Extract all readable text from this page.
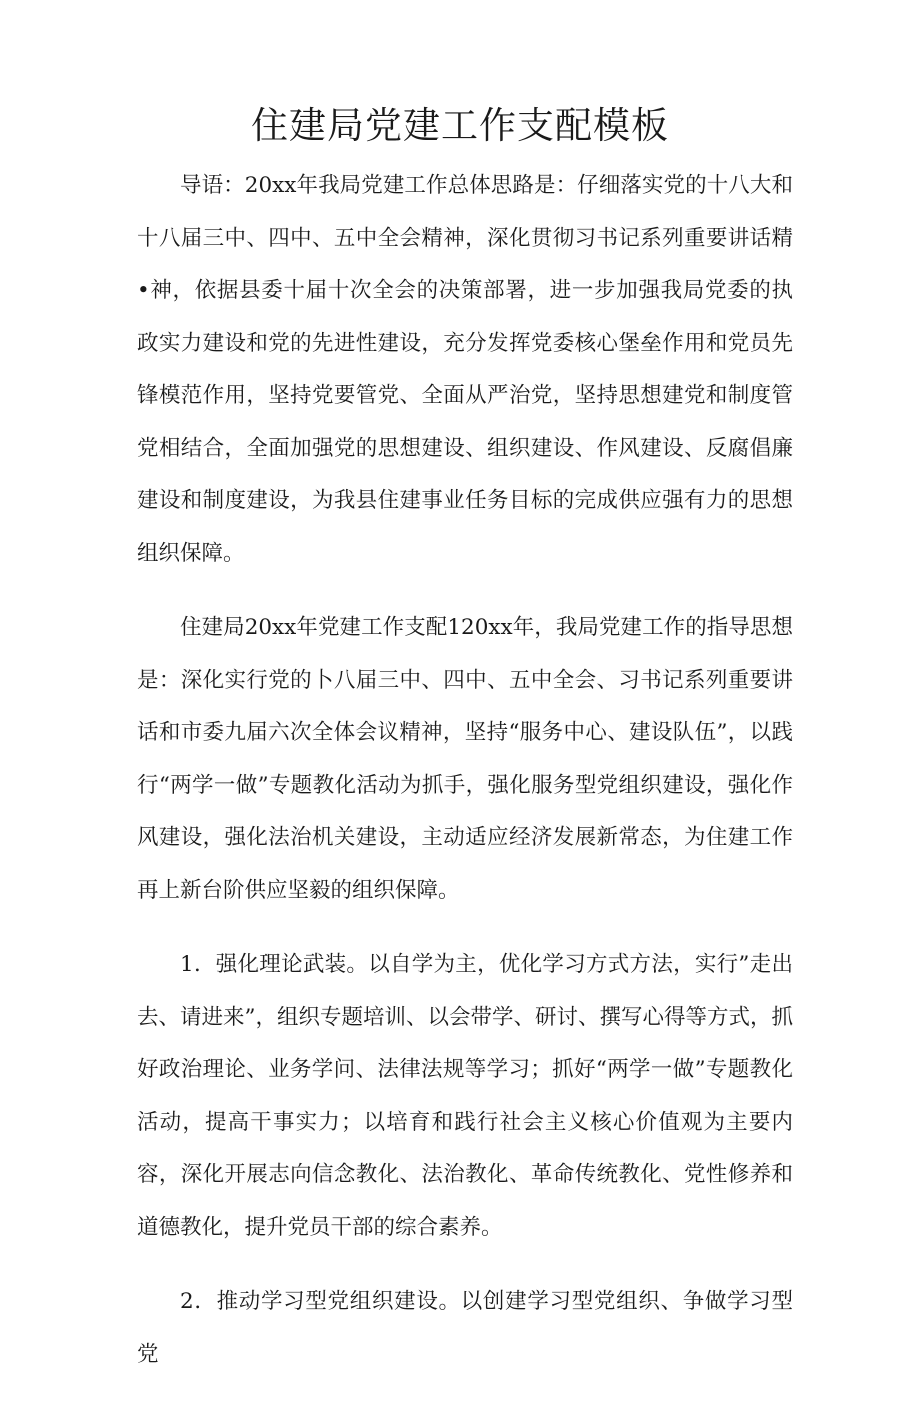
住建局党建工作支配模板

导语：20xx年我局党建工作总体思路是：仔细落实党的十八大和十八届三中、四中、五中全会精神，深化贯彻习书记系列重要讲话精•神，依据县委十届十次全会的决策部署，进一步加强我局党委的执政实力建设和党的先进性建设，充分发挥党委核心堡垒作用和党员先锋模范作用，坚持党要管党、全面从严治党，坚持思想建党和制度管党相结合，全面加强党的思想建设、组织建设、作风建设、反腐倡廉建设和制度建设，为我县住建事业任务目标的完成供应强有力的思想组织保障。

住建局20xx年党建工作支配120xx年，我局党建工作的指导思想是：深化实行党的卜八届三中、四中、五中全会、习书记系列重要讲话和市委九届六次全体会议精神，坚持“服务中心、建设队伍”，以践行“两学一做”专题教化活动为抓手，强化服务型党组织建设，强化作风建设，强化法治机关建设，主动适应经济发展新常态，为住建工作再上新台阶供应坚毅的组织保障。

1．强化理论武装。以自学为主，优化学习方式方法，实行”走出去、请进来”，组织专题培训、以会带学、研讨、撰写心得等方式，抓好政治理论、业务学问、法律法规等学习；抓好“两学一做”专题教化活动，提高干事实力；以培育和践行社会主义核心价值观为主要内容，深化开展志向信念教化、法治教化、革命传统教化、党性修养和道德教化，提升党员干部的综合素养。

2．推动学习型党组织建设。以创建学习型党组织、争做学习型党
